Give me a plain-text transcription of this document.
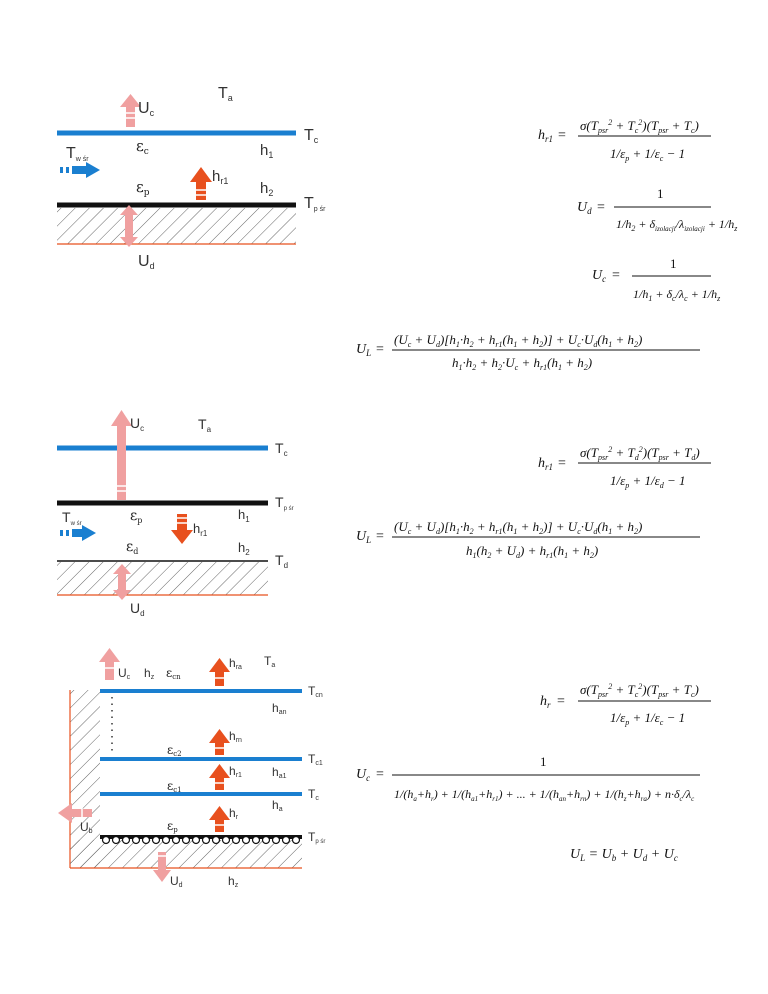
Uc
Ta
Tc
$\varepsilon_c$	$h_1$
Tw śr
$\varepsilon_p$
$h_{r1}$ $h_2$
Tp śr
Ud
$h_{r1}$ =
$\sigma(T_{psr}^2 + T_c^2)(T_{psr} + T_c)$
$1/\varepsilon_p + 1/\varepsilon_c - 1$
$U_d$ =
1
$1/h_2 + \delta_{izolacji}/\lambda_{izolacji} + 1/h_z$
$U_c$ =
1
$1/h_1 + \delta_c/\lambda_c + 1/h_z$
$U_L$ =
$(U_c + U_d)[h_1\cdot h_2 + h_{r1}(h_1 + h_2)] + U_c\cdot U_d(h_1 + h_2)$
$h_1\cdot h_2 + h_2\cdot U_c + h_{r1}(h_1 + h_2)$
$U_c$	$T_a$
$T_c$
$T_{p śr}$
$T_{w śr}$	$\varepsilon_p$
$h_{r1}$
$h_1$
$\varepsilon_d$	$h_2$ $T_d$
$U_d$
$h_{r1}$ =
$\sigma(T_{psr}^2 + T_d^2)(T_{psr} + T_d)$
$1/\varepsilon_p + 1/\varepsilon_d - 1$
$U_L$ =
$(U_c + U_d)[h_1\cdot h_2 + h_{r1}(h_1 + h_2)] + U_c\cdot U_d(h_1 + h_2)$
$h_1(h_2 + U_d) + h_{r1}(h_1 + h_2)$
Uc hz εcn
hra Ta
Tcn
han
hrn
εc2	Tc1
hr1	ha1
εc1	Tc
Ub
hr
ha
εp	Tp śr
Ud	hz
$h_r$ =
$\sigma(T_{psr}^2 + T_c^2)(T_{psr} + T_c)$
$1/\varepsilon_p + 1/\varepsilon_c - 1$
$U_c$ =
1
$1/(h_a+h_r) + 1/(h_{a1}+h_{r1})$ + ... + $1/(h_{an}+h_{rn}) + 1/(h_z+h_{ra}) + n\cdot\delta_c/\lambda_c$
$U_L = U_b + U_d + U_c$
